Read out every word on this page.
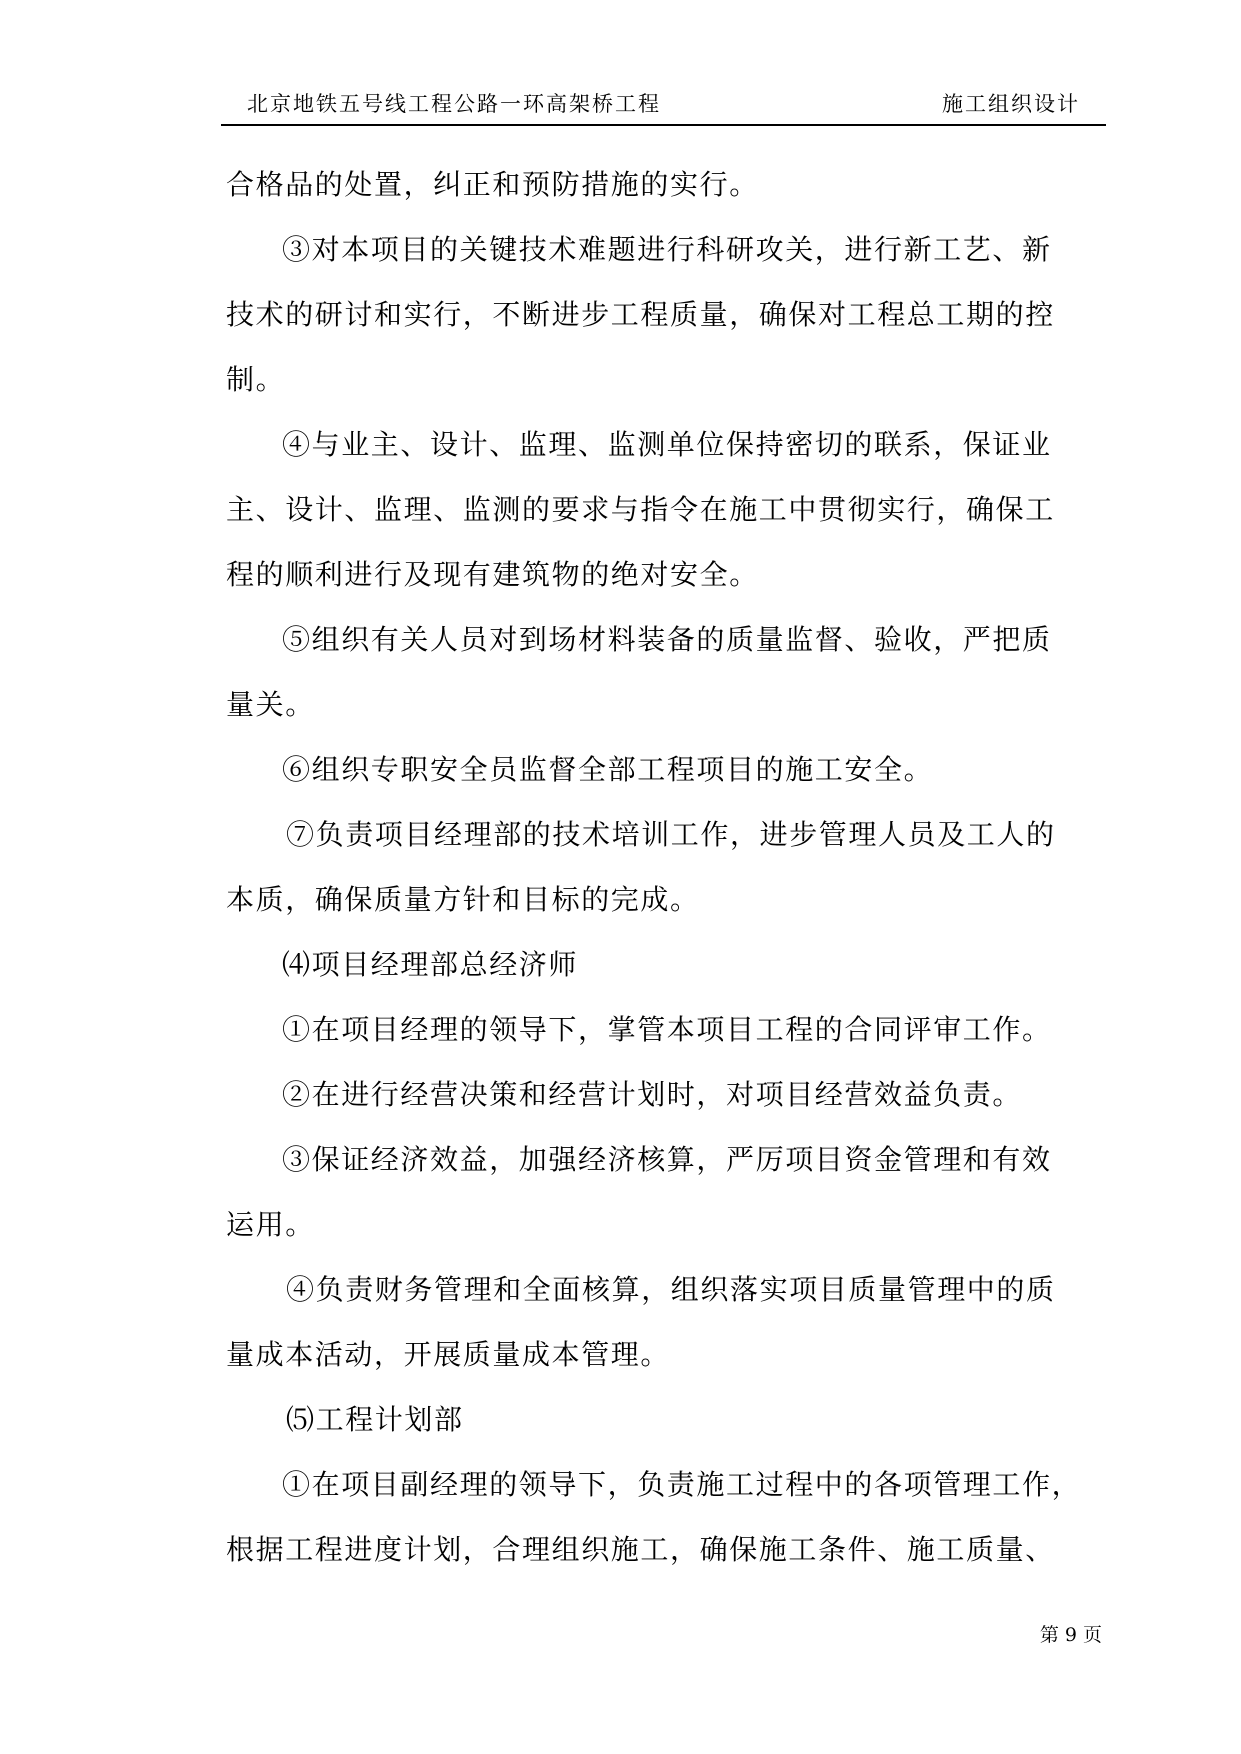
北京地铁五号线工程公路一环高架桥工程	施工组织设计
合格品的处置，纠正和预防措施的实行。
③对本项目的关键技术难题进行科研攻关，进行新工艺、新
技术的研讨和实行，不断进步工程质量，确保对工程总工期的控
制。
④与业主、设计、监理、监测单位保持密切的联系，保证业
主、设计、监理、监测的要求与指令在施工中贯彻实行，确保工
程的顺利进行及现有建筑物的绝对安全。
⑤组织有关人员对到场材料装备的质量监督、验收，严把质
量关。
⑥组织专职安全员监督全部工程项目的施工安全。
⑦负责项目经理部的技术培训工作，进步管理人员及工人的
本质，确保质量方针和目标的完成。
⑷项目经理部总经济师
①在项目经理的领导下，掌管本项目工程的合同评审工作。
②在进行经营决策和经营计划时，对项目经营效益负责。
③保证经济效益，加强经济核算，严厉项目资金管理和有效
运用。
④负责财务管理和全面核算，组织落实项目质量管理中的质
量成本活动，开展质量成本管理。
⑸工程计划部
①在项目副经理的领导下，负责施工过程中的各项管理工作，
根据工程进度计划，合理组织施工，确保施工条件、施工质量、
第 9 页
